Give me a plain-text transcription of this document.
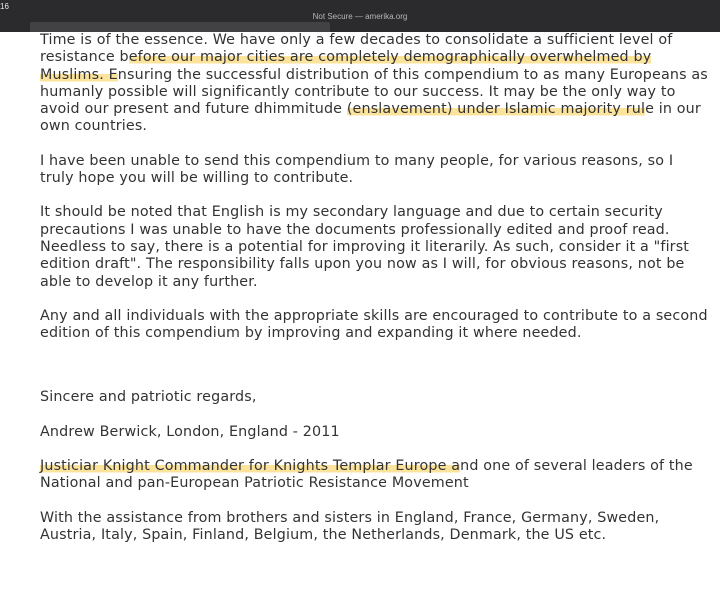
16
Not Secure — amerika.org

Time is of the essence. We have only a few decades to consolidate a sufficient level of resistance before our major cities are completely demographically overwhelmed by Muslims. Ensuring the successful distribution of this compendium to as many Europeans as humanly possible will significantly contribute to our success. It may be the only way to avoid our present and future dhimmitude (enslavement) under Islamic majority rule in our own countries.

I have been unable to send this compendium to many people, for various reasons, so I truly hope you will be willing to contribute.

It should be noted that English is my secondary language and due to certain security precautions I was unable to have the documents professionally edited and proof read. Needless to say, there is a potential for improving it literarily. As such, consider it a "first edition draft". The responsibility falls upon you now as I will, for obvious reasons, not be able to develop it any further.

Any and all individuals with the appropriate skills are encouraged to contribute to a second edition of this compendium by improving and expanding it where needed.

Sincere and patriotic regards,

Andrew Berwick, London, England - 2011

Justiciar Knight Commander for Knights Templar Europe and one of several leaders of the National and pan-European Patriotic Resistance Movement

With the assistance from brothers and sisters in England, France, Germany, Sweden, Austria, Italy, Spain, Finland, Belgium, the Netherlands, Denmark, the US etc.
